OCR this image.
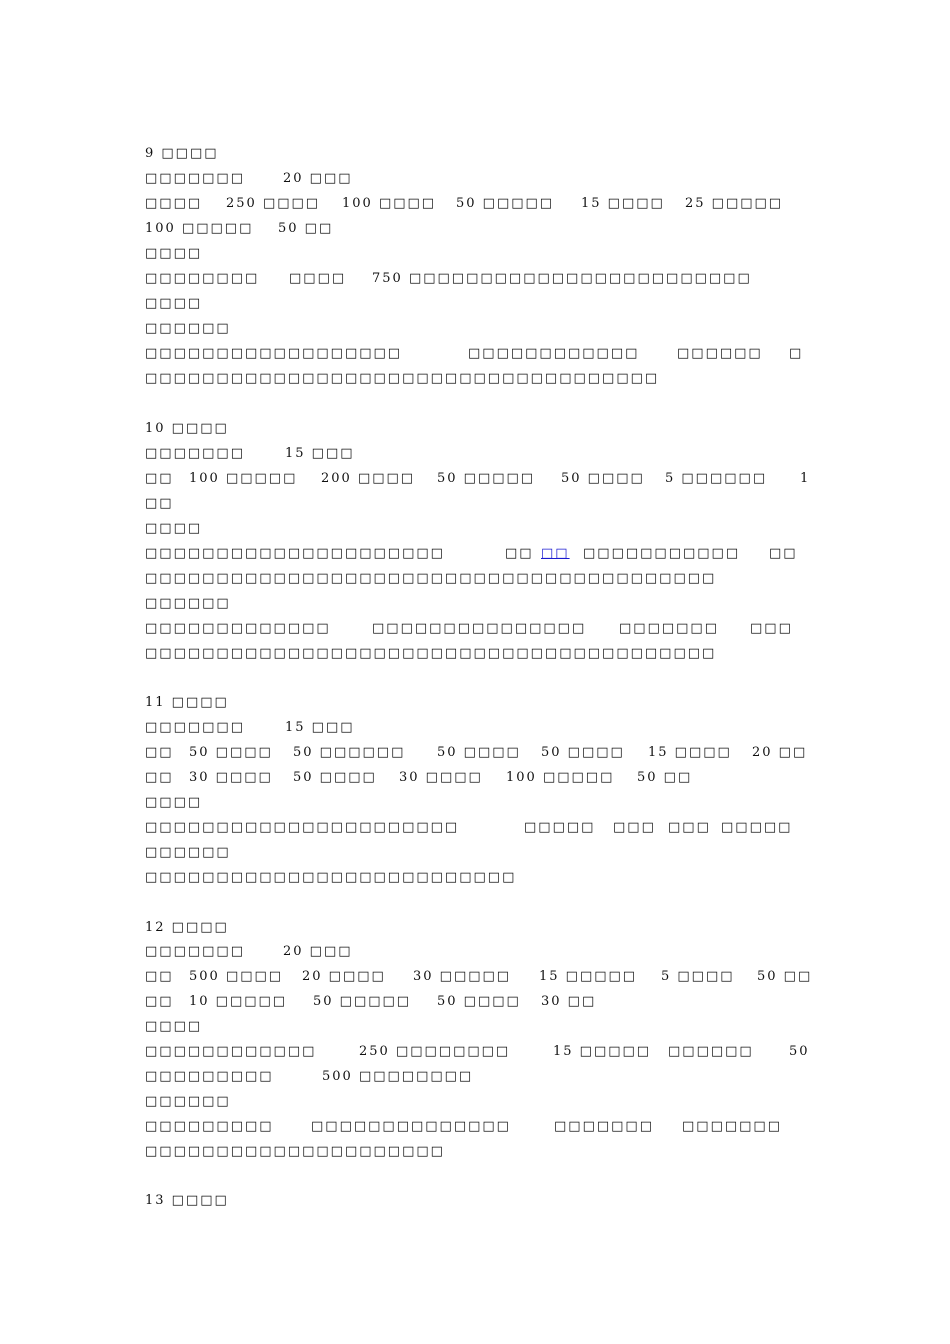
9 □□□□
□□□□□□□	20 □□□
□□□□ 250 □□□□ 100 □□□□ 50 □□□□□ 15 □□□□ 25 □□□□□
100 □□□□□ 50 □□
□□□□
□□□□□□□□ □□□□ 750 □□□□□□□□□□□□□□□□□□□□□□□□
□□□□
□□□□□□
□□□□□□□□□□□□□□□□□□	□□□□□□□□□□□□	□□□□□□ □
□□□□□□□□□□□□□□□□□□□□□□□□□□□□□□□□□□□□
10 □□□□
□□□□□□□	15 □□□
□□ 100 □□□□□ 200 □□□□ 50 □□□□□ 50 □□□□ 5 □□□□□□	1
□□
□□□□
□□□□□□□□□□□□□□□□□□□□□	□□ □□ □□□□□□□□□□□ □□
□□□□□□□□□□□□□□□□□□□□□□□□□□□□□□□□□□□□□□□□
□□□□□□
□□□□□□□□□□□□□	□□□□□□□□□□□□□□□	□□□□□□□ □□□
□□□□□□□□□□□□□□□□□□□□□□□□□□□□□□□□□□□□□□□□
11 □□□□
□□□□□□□	15 □□□
□□ 50 □□□□ 50 □□□□□□ 50 □□□□ 50 □□□□ 15 □□□□ 20 □□
□□ 30 □□□□ 50 □□□□ 30 □□□□ 100 □□□□□ 50 □□
□□□□
□□□□□□□□□□□□□□□□□□□□□□	□□□□□ □□□ □□□ □□□□□
□□□□□□
□□□□□□□□□□□□□□□□□□□□□□□□□□
12 □□□□
□□□□□□□	20 □□□
□□ 500 □□□□ 20 □□□□ 30 □□□□□ 15 □□□□□ 5 □□□□ 50 □□
□□ 10 □□□□□ 50 □□□□□ 50 □□□□ 30 □□
□□□□
□□□□□□□□□□□□	250 □□□□□□□□	15 □□□□□ □□□□□□	50
□□□□□□□□□	500 □□□□□□□□
□□□□□□
□□□□□□□□□	□□□□□□□□□□□□□□	□□□□□□□ □□□□□□□
□□□□□□□□□□□□□□□□□□□□□
13 □□□□
